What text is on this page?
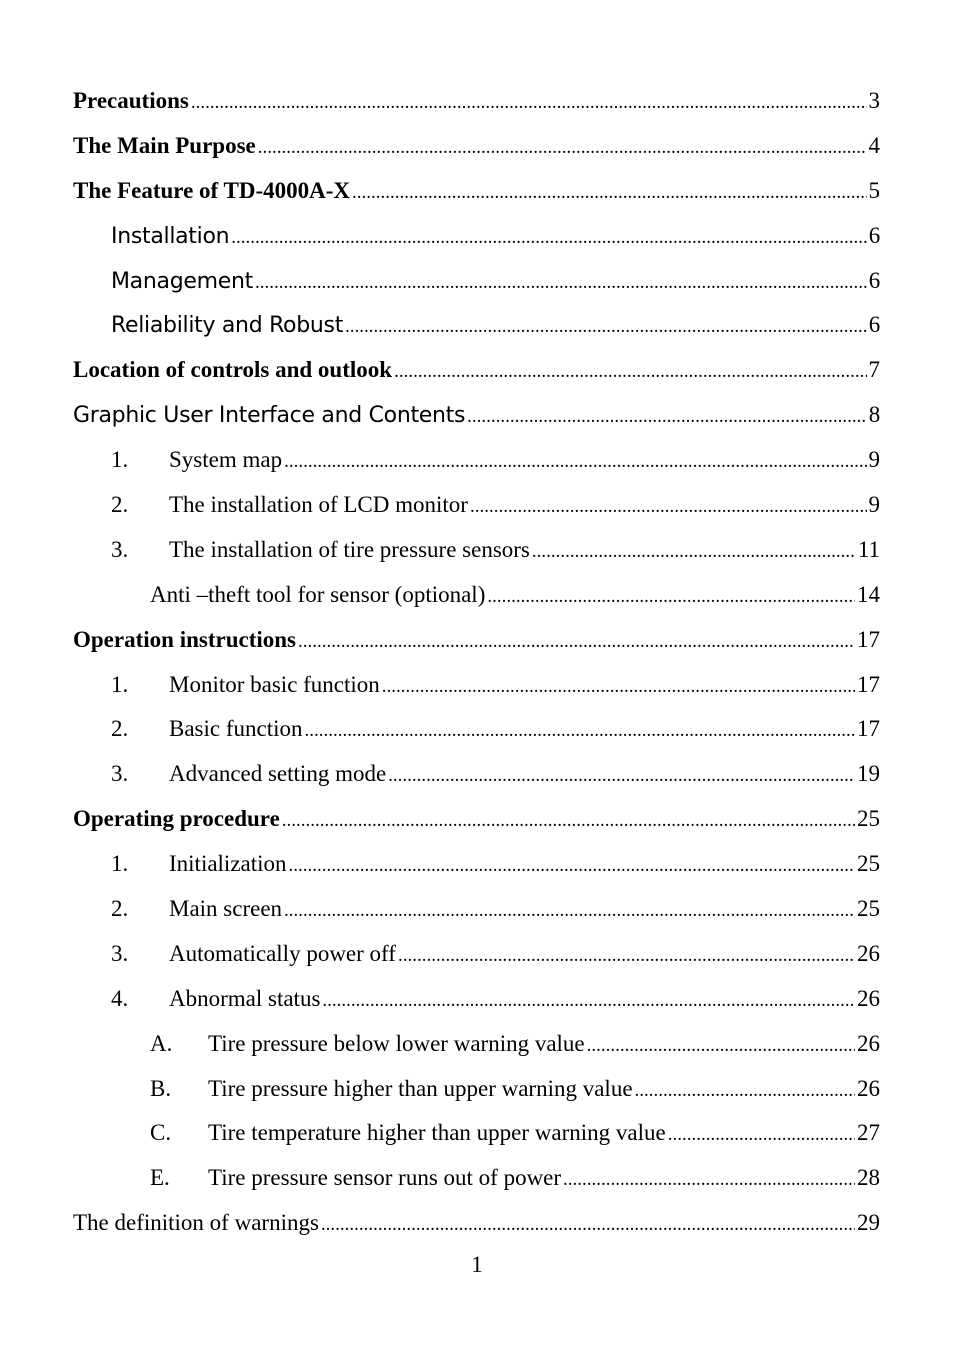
Precautions .....	3
The Main Purpose .....	4
The Feature of TD-4000A-X .....	5
Installation .....	6
Management .....	6
Reliability and Robust .....	6
Location of controls and outlook .....	7
Graphic User Interface and Contents .....	8
1.	System map .....	9
2.	The installation of LCD monitor .....	9
3.	The installation of tire pressure sensors .....	11
Anti –theft tool for sensor (optional) .....	14
Operation instructions .....	17
1.	Monitor basic function .....	17
2.	Basic function .....	17
3.	Advanced setting mode .....	19
Operating procedure .....	25
1.	Initialization .....	25
2.	Main screen .....	25
3.	Automatically power off .....	26
4.	Abnormal status .....	26
A.	Tire pressure below lower warning value .....	26
B.	Tire pressure higher than upper warning value .....	26
C.	Tire temperature higher than upper warning value .....	27
E.	Tire pressure sensor runs out of power .....	28
The definition of warnings .....	29
1
